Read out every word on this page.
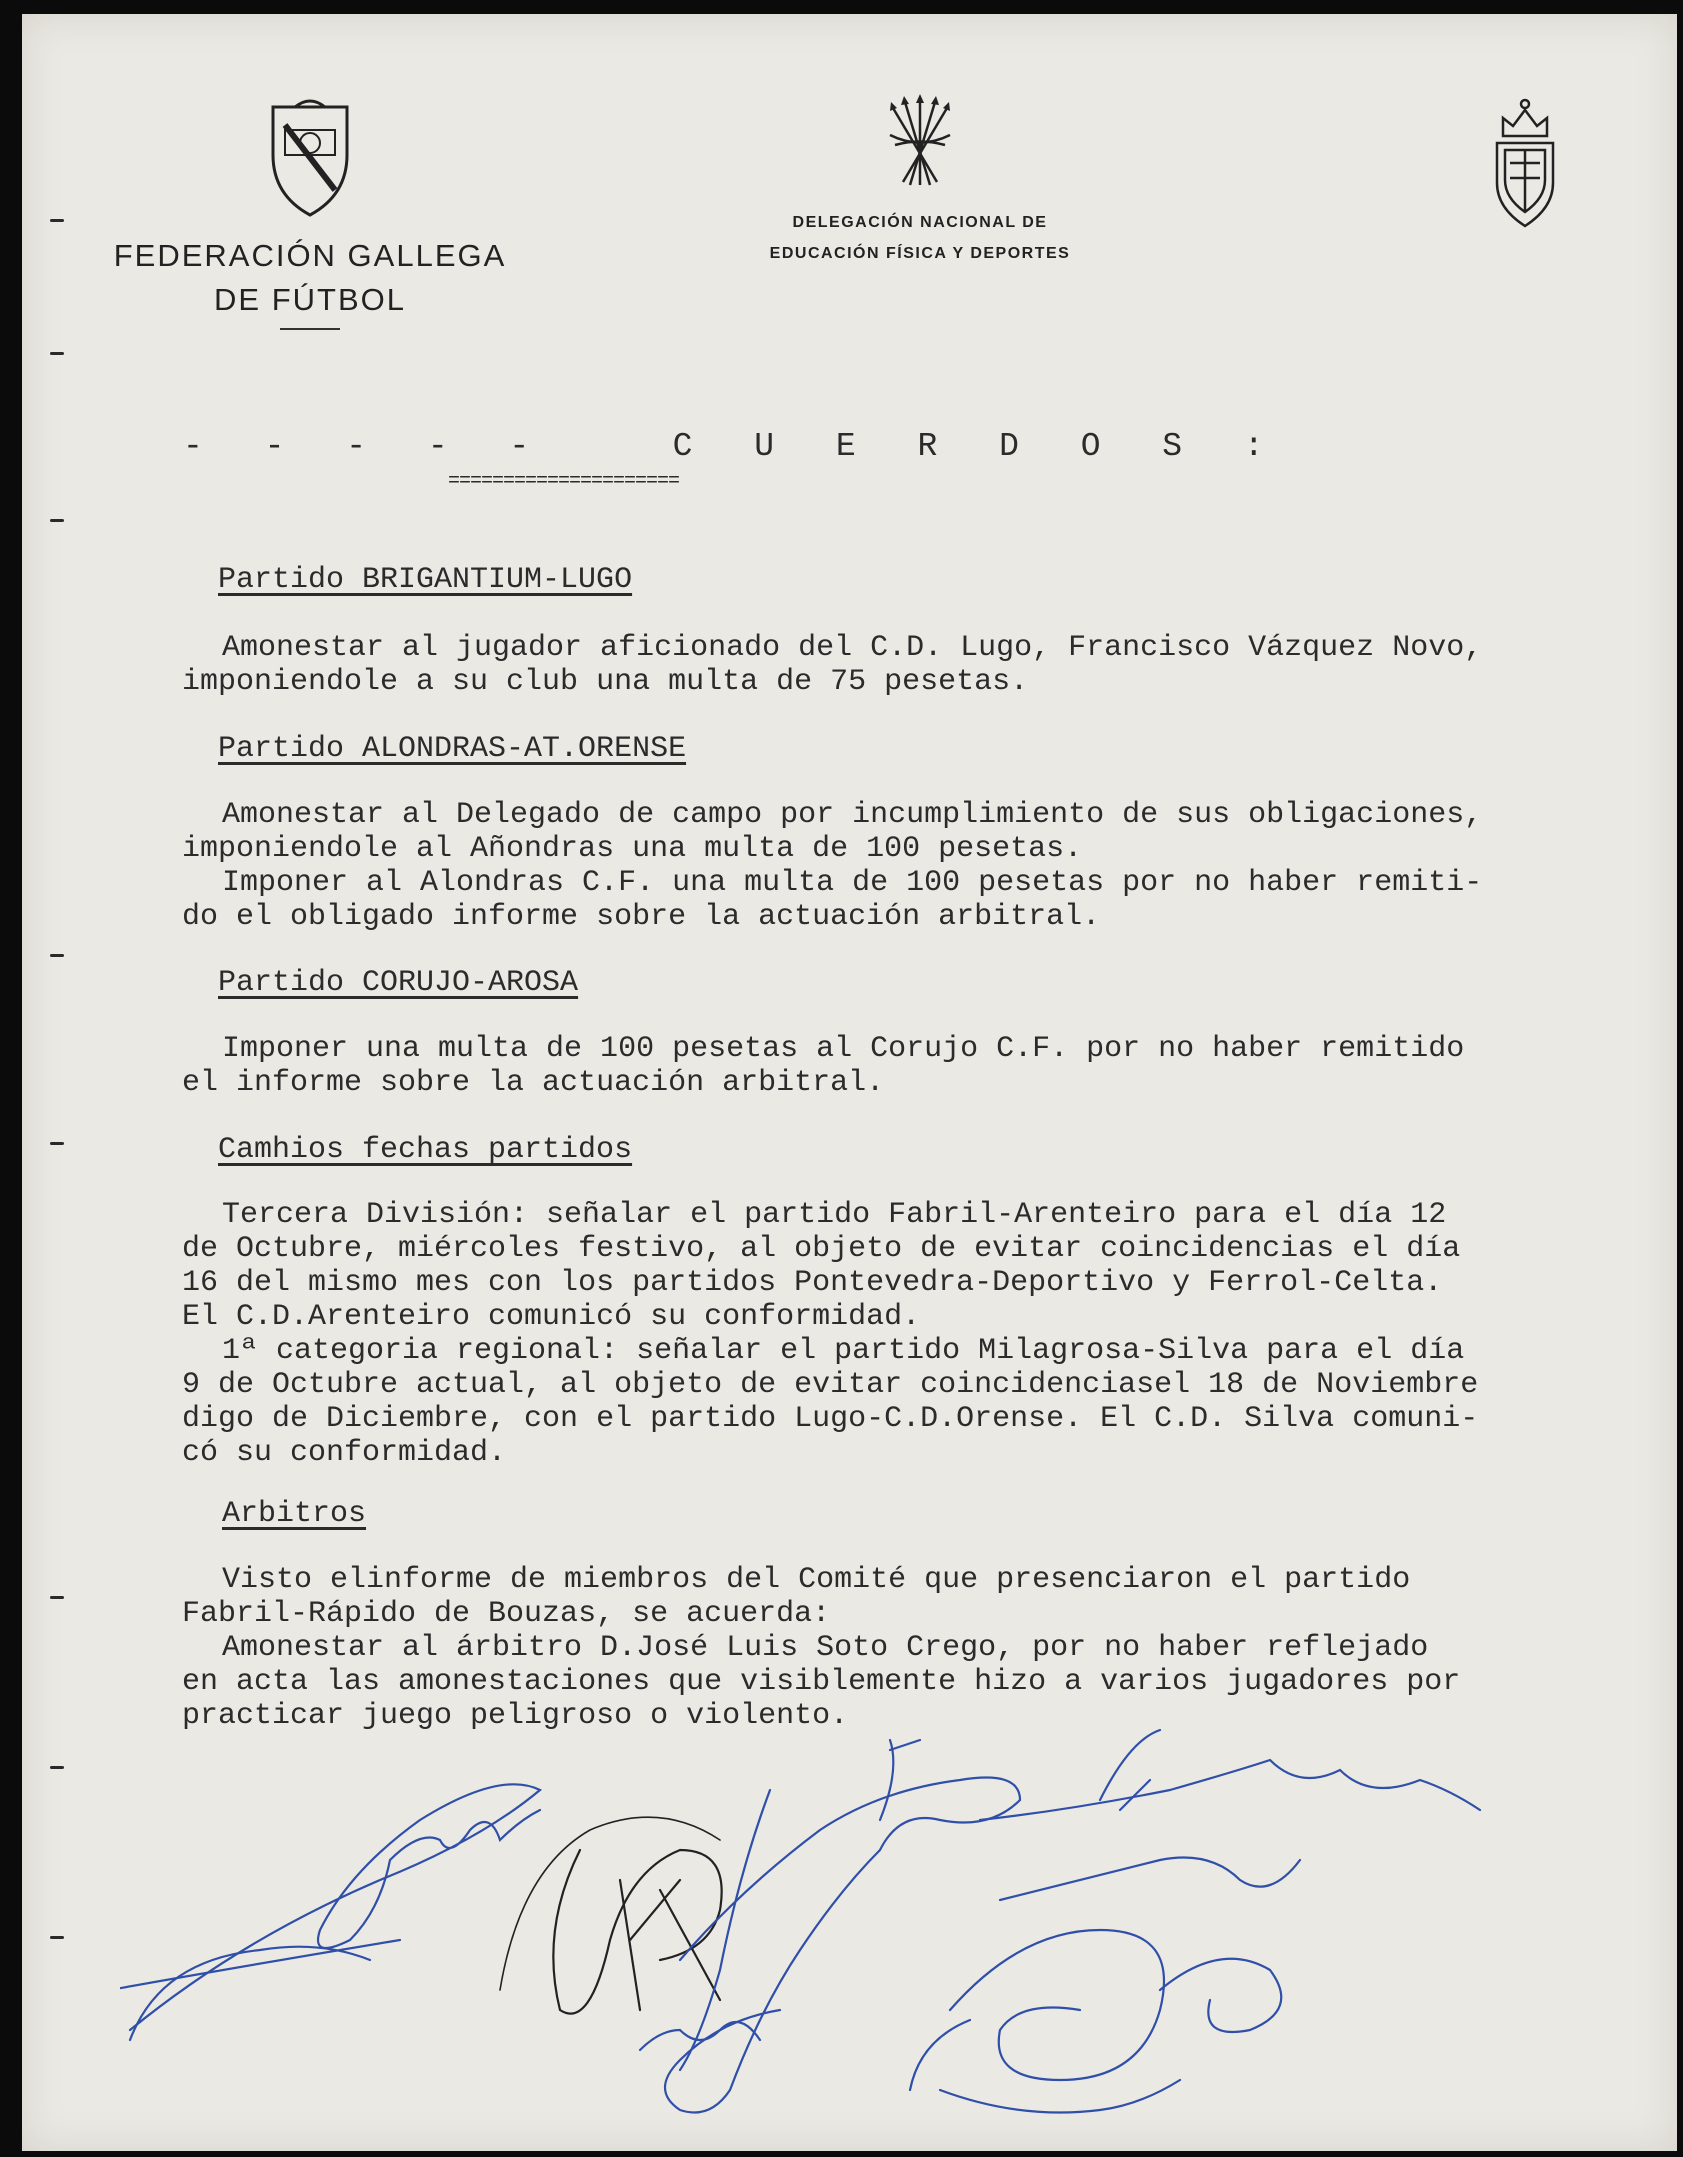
FEDERACIÓN GALLEGA
DE FÚTBOL
DELEGACIÓN NACIONAL DE
EDUCACIÓN FÍSICA Y DEPORTES
- - - - -	C U E R D O S :
=====================

Partido BRIGANTIUM-LUGO

Amonestar al jugador aficionado del C.D. Lugo, Francisco Vázquez Novo,

imponiendole a su club una multa de 75 pesetas.

Partido ALONDRAS-AT.ORENSE

Amonestar al Delegado de campo por incumplimiento de sus obligaciones,

imponiendole al Añondras una multa de 100 pesetas.

Imponer al Alondras C.F. una multa de 100 pesetas por no haber remiti-

do el obligado informe sobre la actuación arbitral.

Partido CORUJO-AROSA

Imponer una multa de 100 pesetas al Corujo C.F. por no haber remitido

el informe sobre la actuación arbitral.

Camhios fechas partidos

Tercera División: señalar el partido Fabril-Arenteiro para el día 12

de Octubre, miércoles festivo, al objeto de evitar coincidencias el día

16 del mismo mes con los partidos Pontevedra-Deportivo y Ferrol-Celta.

El C.D.Arenteiro comunicó su conformidad.

1ª categoria regional: señalar el partido Milagrosa-Silva para el día

9 de Octubre actual, al objeto de evitar coincidenciasel 18 de Noviembre

digo de Diciembre, con el partido Lugo-C.D.Orense. El C.D. Silva comuni-

có su conformidad.

Arbitros

Visto elinforme de miembros del Comité que presenciaron el partido

Fabril-Rápido de Bouzas, se acuerda:

Amonestar al árbitro D.José Luis Soto Crego, por no haber reflejado

en acta las amonestaciones que visiblemente hizo a varios jugadores por

practicar juego peligroso o violento.
